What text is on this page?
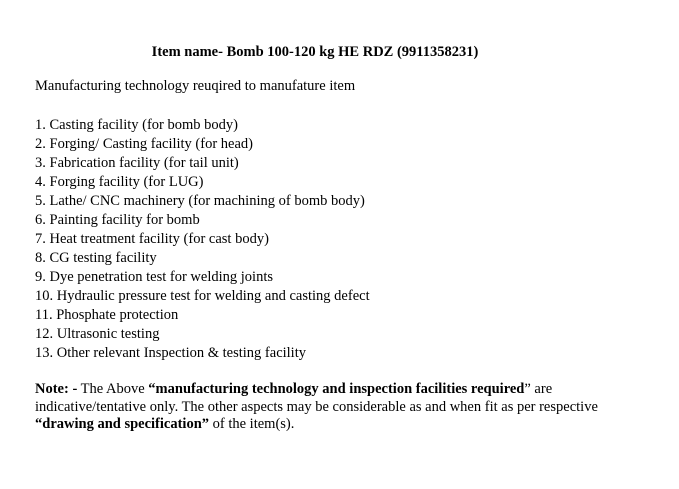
Item name- Bomb 100-120 kg HE RDZ (9911358231)
Manufacturing technology reuqired to manufature item
1. Casting facility (for bomb body)
2. Forging/ Casting facility (for head)
3. Fabrication facility (for tail unit)
4. Forging facility (for LUG)
5. Lathe/ CNC machinery (for machining of bomb body)
6. Painting facility for bomb
7. Heat treatment facility (for cast body)
8. CG testing facility
9. Dye penetration test for welding joints
10. Hydraulic pressure test for welding and casting defect
11. Phosphate protection
12. Ultrasonic testing
13. Other relevant Inspection & testing facility
Note: - The Above “manufacturing technology and inspection facilities required” are indicative/tentative only. The other aspects may be considerable as and when fit as per respective “drawing and specification” of the item(s).
